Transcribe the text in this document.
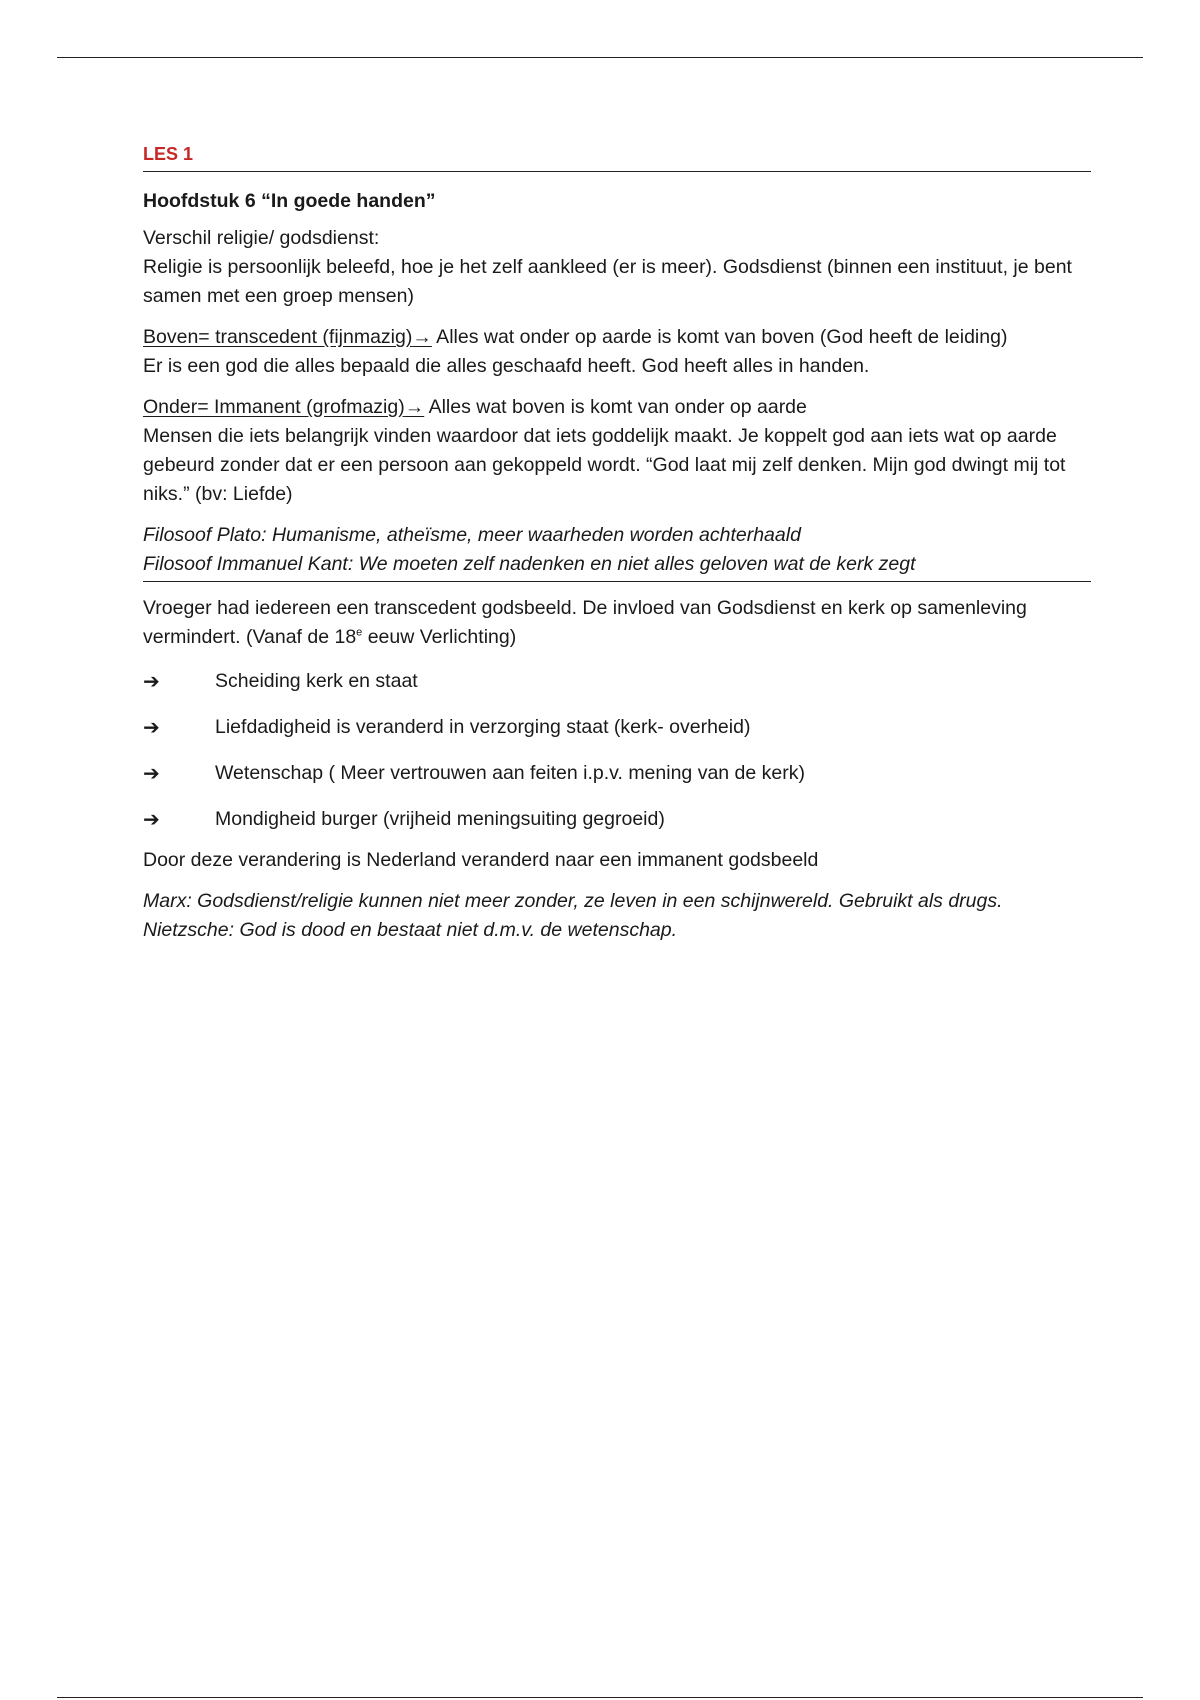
LES 1
Hoofdstuk 6 “In goede handen”

Verschil religie/ godsdienst:

Religie is persoonlijk beleefd, hoe je het zelf aankleed (er is meer). Godsdienst (binnen een instituut, je bent samen met een groep mensen)

Boven= transcedent (fijnmazig)→ Alles wat onder op aarde is komt van boven (God heeft de leiding)

Er is een god die alles bepaald die alles geschaafd heeft. God heeft alles in handen.

Onder= Immanent (grofmazig)→ Alles wat boven is komt van onder op aarde

Mensen die iets belangrijk vinden waardoor dat iets goddelijk maakt. Je koppelt god aan iets wat op aarde gebeurd zonder dat er een persoon aan gekoppeld wordt. “God laat mij zelf denken. Mijn god dwingt mij tot niks.” (bv: Liefde)

Filosoof Plato: Humanisme, atheïsme, meer waarheden worden achterhaald

Filosoof Immanuel Kant: We moeten zelf nadenken en niet alles geloven wat de kerk zegt

Vroeger had iedereen een transcedent godsbeeld. De invloed van Godsdienst en kerk op samenleving vermindert. (Vanaf de 18e eeuw Verlichting)

➔	Scheiding kerk en staat
➔	Liefdadigheid is veranderd in verzorging staat (kerk- overheid)
➔	Wetenschap ( Meer vertrouwen aan feiten i.p.v. mening van de kerk)
➔	Mondigheid burger (vrijheid meningsuiting gegroeid)

Door deze verandering is Nederland veranderd naar een immanent godsbeeld

Marx: Godsdienst/religie kunnen niet meer zonder, ze leven in een schijnwereld. Gebruikt als drugs.

Nietzsche: God is dood en bestaat niet d.m.v. de wetenschap.
